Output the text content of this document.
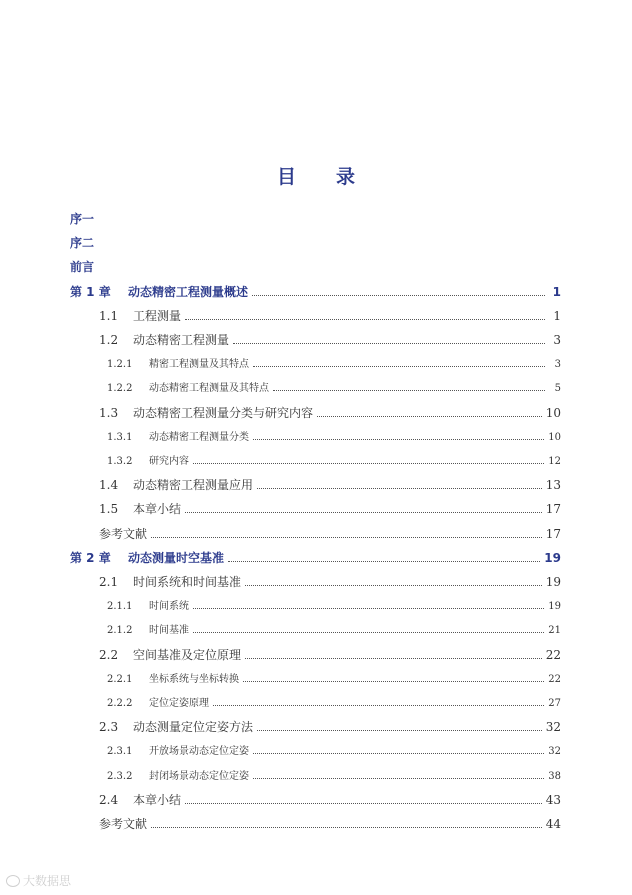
目 录
序一
序二
前言
第 1 章	动态精密工程测量概述	1
1.1	工程测量	1
1.2	动态精密工程测量	3
1.2.1	精密工程测量及其特点	3
1.2.2	动态精密工程测量及其特点	5
1.3	动态精密工程测量分类与研究内容	10
1.3.1	动态精密工程测量分类	10
1.3.2	研究内容	12
1.4	动态精密工程测量应用	13
1.5	本章小结	17
参考文献	17
第 2 章	动态测量时空基准	19
2.1	时间系统和时间基准	19
2.1.1	时间系统	19
2.1.2	时间基准	21
2.2	空间基准及定位原理	22
2.2.1	坐标系统与坐标转换	22
2.2.2	定位定姿原理	27
2.3	动态测量定位定姿方法	32
2.3.1	开放场景动态定位定姿	32
2.3.2	封闭场景动态定位定姿	38
2.4	本章小结	43
参考文献	44
大数据思
